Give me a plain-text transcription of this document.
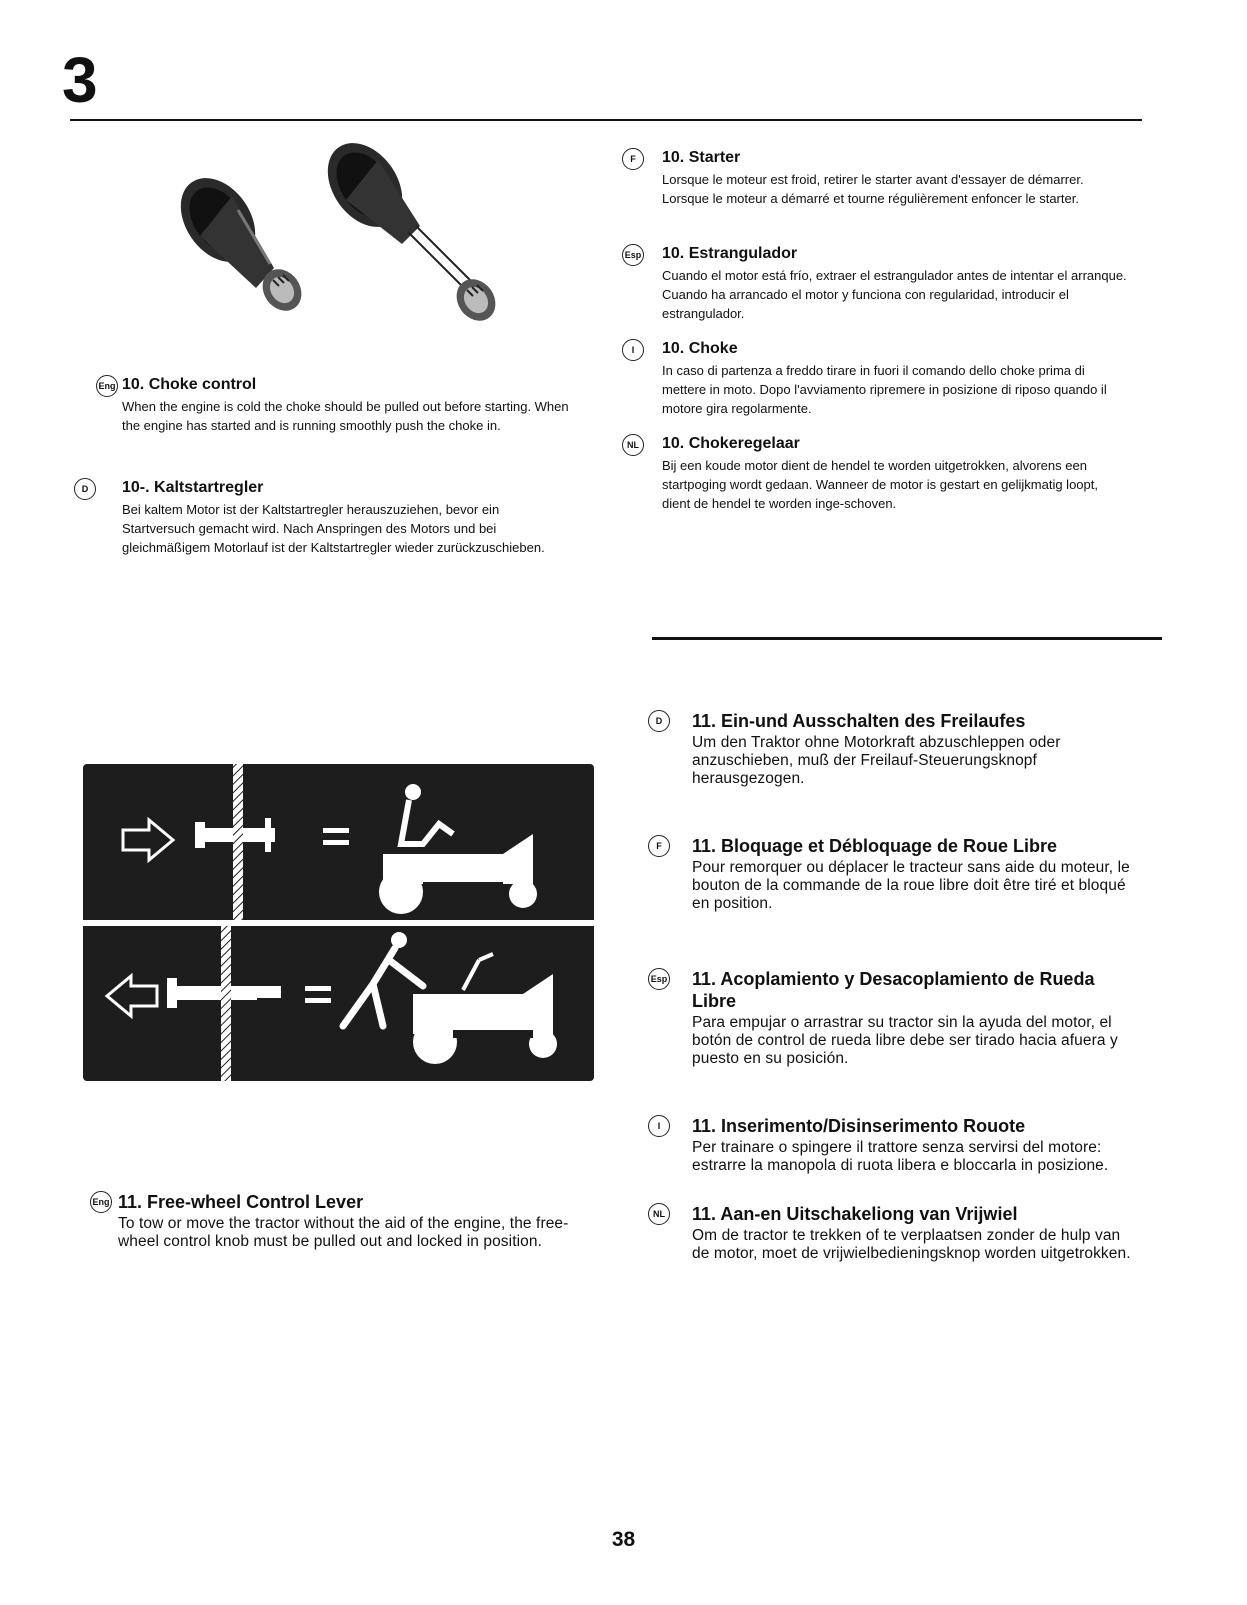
3
Eng 10. Choke control

When the engine is cold the choke should be pulled out before starting. When the engine has started and is running smoothly push the choke in.

D	10-. Kaltstartregler

Bei kaltem Motor ist der Kaltstartregler herauszuziehen, bevor ein Startversuch gemacht wird. Nach Anspringen des Motors und bei gleichmäßigem Motorlauf ist der Kaltstartregler wieder zurückzuschieben.

F	10. Starter

Lorsque le moteur est froid, retirer le starter avant d'essayer de démarrer. Lorsque le moteur a démarré et tourne régulièrement enfoncer le starter.

Esp 10. Estrangulador

Cuando el motor está frío, extraer el estrangulador antes de intentar el arranque. Cuando ha arrancado el motor y funciona con regularidad, introducir el estrangulador.

I	10. Choke

In caso di partenza a freddo tirare in fuori il comando dello choke prima di mettere in moto. Dopo l'avviamento ripremere in posizione di riposo quando il motore gira regolarmente.

NL	10. Chokeregelaar

Bij een koude motor dient de hendel te worden uitgetrokken, alvorens een startpoging wordt gedaan. Wanneer de motor is gestart en gelijkmatig loopt, dient de hendel te worden inge-schoven.

D	11. Ein-und Ausschalten des Freilaufes

Um den Traktor ohne Motorkraft abzuschleppen oder anzuschieben, muß der Freilauf-Steuerungsknopf herausgezogen.

F	11. Bloquage et Débloquage de Roue Libre

Pour remorquer ou déplacer le tracteur sans aide du moteur, le bouton de la commande de la roue libre doit être tiré et bloqué en position.

Esp 11. Acoplamiento y Desacoplamiento de Rueda Libre

Para empujar o arrastrar su tractor sin la ayuda del motor, el botón de control de rueda libre debe ser tirado hacia afuera y puesto en su posición.

I	11. Inserimento/Disinserimento Rouote

Per trainare o spingere il trattore senza servirsi del motore: estrarre la manopola di ruota libera e bloccarla in posizione.

NL 11. Aan-en Uitschakeliong van Vrijwiel

Om de tractor te trekken of te verplaatsen zonder de hulp van de motor, moet de vrijwielbedieningsknop worden uitgetrokken.

Eng 11. Free-wheel Control Lever

To tow or move the tractor without the aid of the engine, the free-wheel control knob must be pulled out and locked in position.

38
